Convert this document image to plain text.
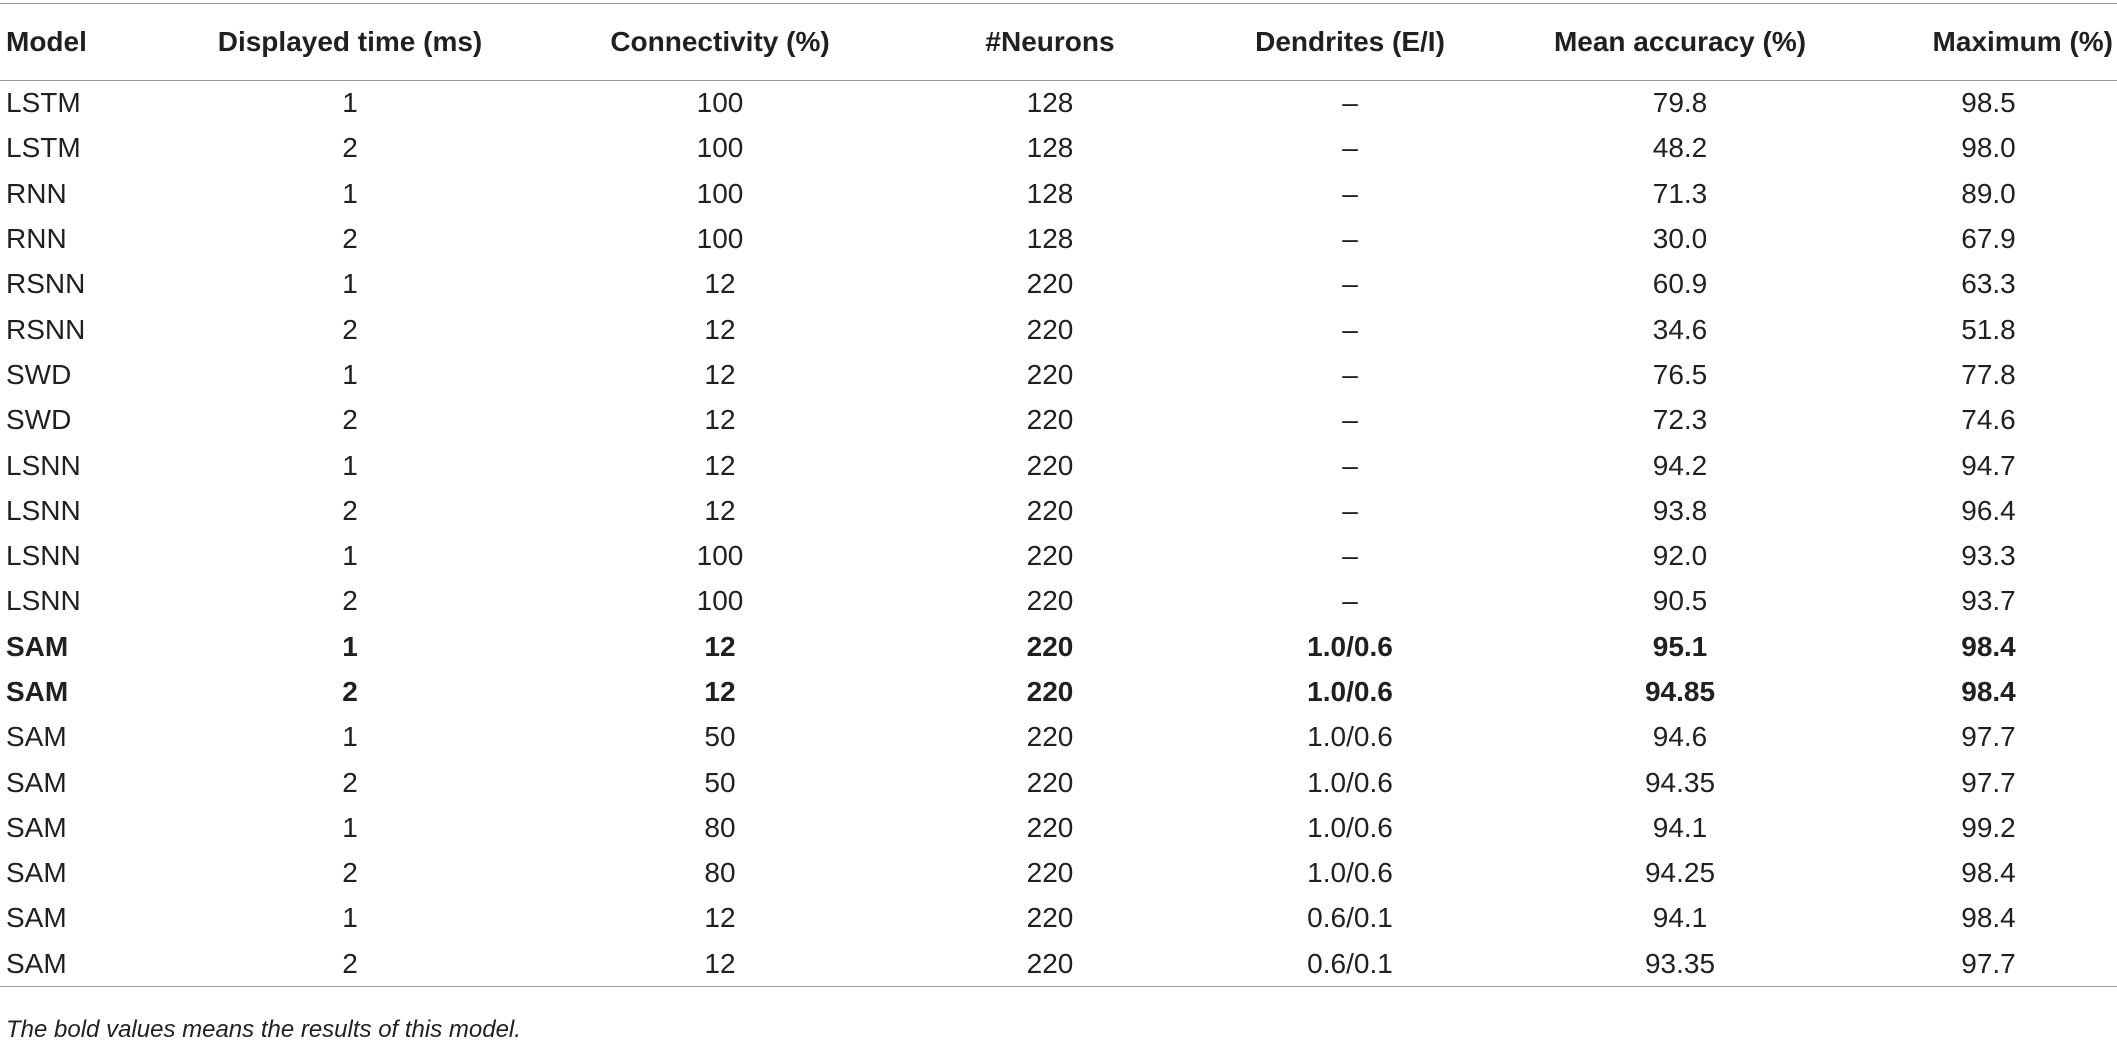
Model	Displayed time (ms)	Connectivity (%)	#Neurons	Dendrites (E/I)	Mean accuracy (%)	Maximum (%)
LSTM	1	100	128	–	79.8	98.5
LSTM	2	100	128	–	48.2	98.0
RNN	1	100	128	–	71.3	89.0
RNN	2	100	128	–	30.0	67.9
RSNN	1	12	220	–	60.9	63.3
RSNN	2	12	220	–	34.6	51.8
SWD	1	12	220	–	76.5	77.8
SWD	2	12	220	–	72.3	74.6
LSNN	1	12	220	–	94.2	94.7
LSNN	2	12	220	–	93.8	96.4
LSNN	1	100	220	–	92.0	93.3
LSNN	2	100	220	–	90.5	93.7
SAM	1	12	220	1.0/0.6	95.1	98.4
SAM	2	12	220	1.0/0.6	94.85	98.4
SAM	1	50	220	1.0/0.6	94.6	97.7
SAM	2	50	220	1.0/0.6	94.35	97.7
SAM	1	80	220	1.0/0.6	94.1	99.2
SAM	2	80	220	1.0/0.6	94.25	98.4
SAM	1	12	220	0.6/0.1	94.1	98.4
SAM	2	12	220	0.6/0.1	93.35	97.7
The bold values means the results of this model.
